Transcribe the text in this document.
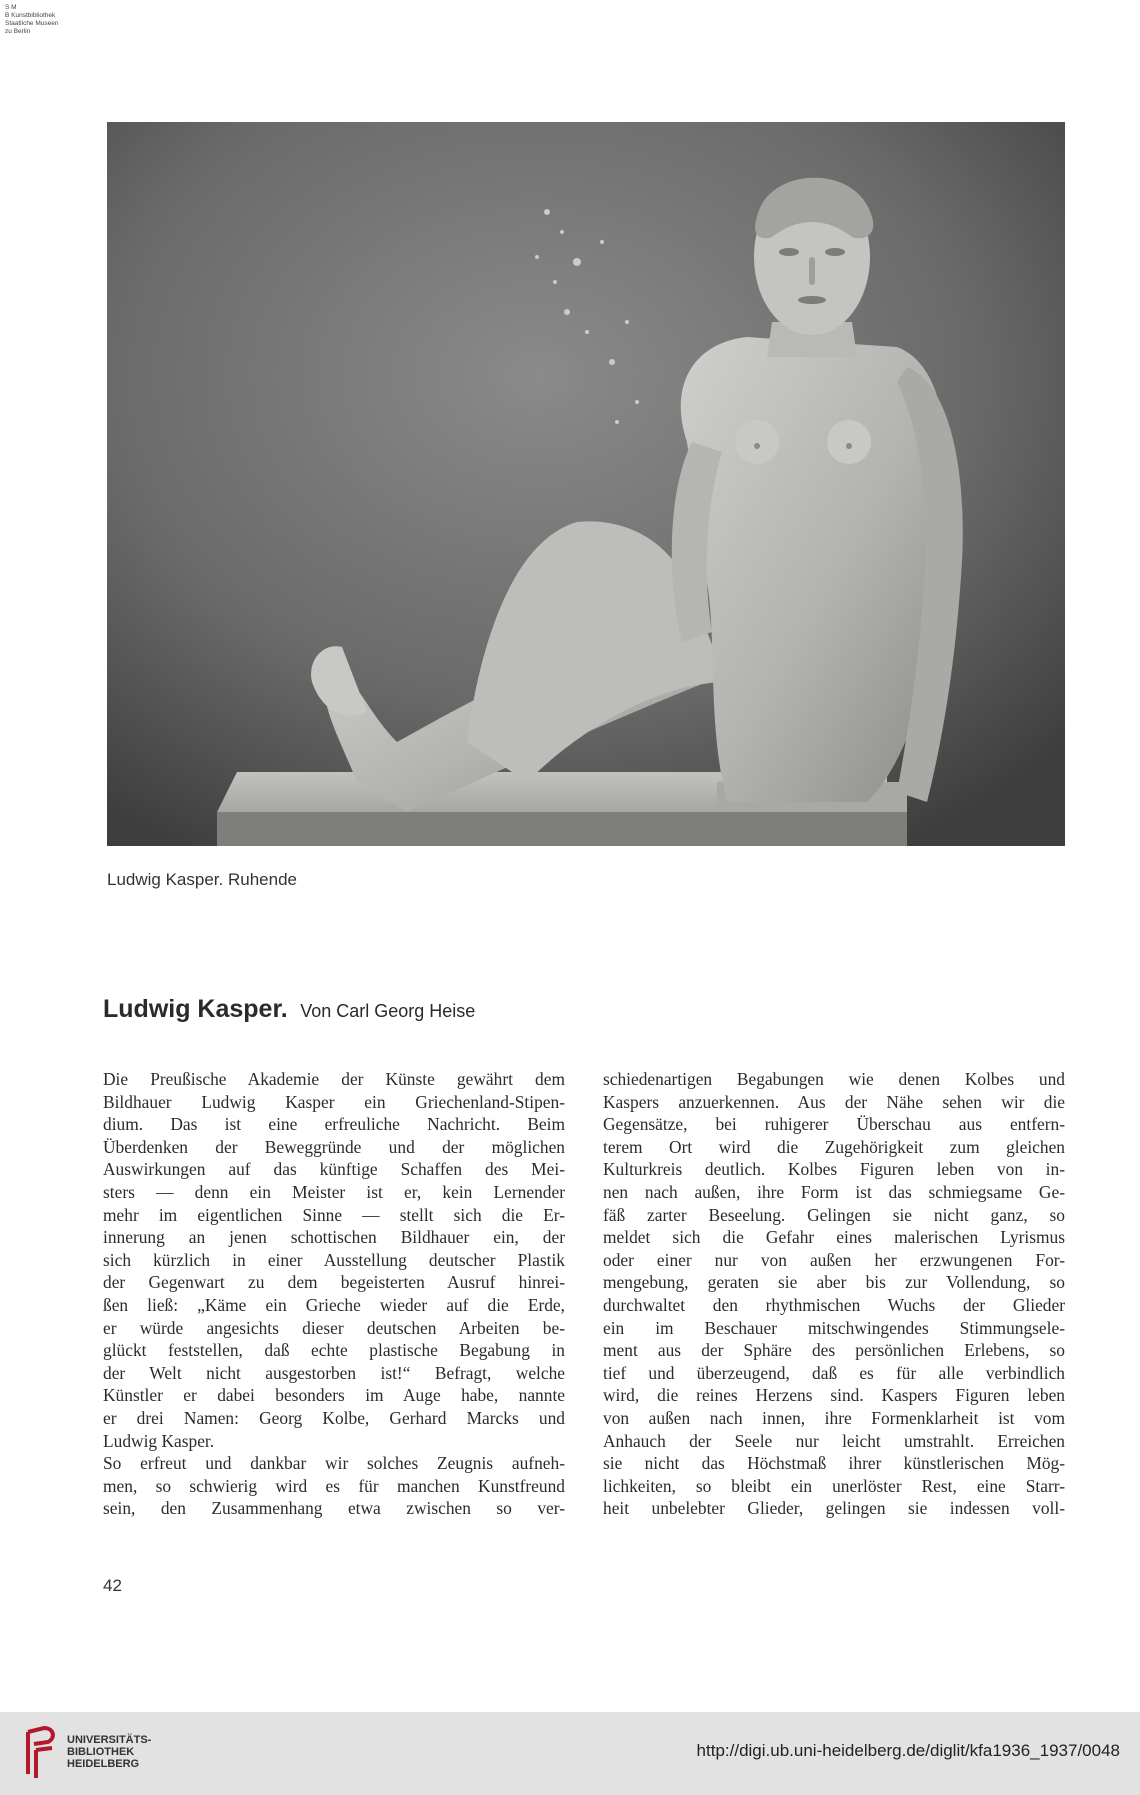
S M
B Kunstbibliothek
Staatliche Museen
zu Berlin
Ludwig Kasper. Ruhende
Ludwig Kasper. Von Carl Georg Heise
Die Preußische Akademie der Künste gewährt dem
Bildhauer Ludwig Kasper ein Griechenland-Stipen-
dium. Das ist eine erfreuliche Nachricht. Beim
Überdenken der Beweggründe und der möglichen
Auswirkungen auf das künftige Schaffen des Mei-
sters — denn ein Meister ist er, kein Lernender
mehr im eigentlichen Sinne — stellt sich die Er-
innerung an jenen schottischen Bildhauer ein, der
sich kürzlich in einer Ausstellung deutscher Plastik
der Gegenwart zu dem begeisterten Ausruf hinrei-
ßen ließ: „Käme ein Grieche wieder auf die Erde,
er würde angesichts dieser deutschen Arbeiten be-
glückt feststellen, daß echte plastische Begabung in
der Welt nicht ausgestorben ist!“ Befragt, welche
Künstler er dabei besonders im Auge habe, nannte
er drei Namen: Georg Kolbe, Gerhard Marcks und
Ludwig Kasper.
So erfreut und dankbar wir solches Zeugnis aufneh-
men, so schwierig wird es für manchen Kunstfreund
sein, den Zusammenhang etwa zwischen so ver-
schiedenartigen Begabungen wie denen Kolbes und
Kaspers anzuerkennen. Aus der Nähe sehen wir die
Gegensätze, bei ruhigerer Überschau aus entfern-
terem Ort wird die Zugehörigkeit zum gleichen
Kulturkreis deutlich. Kolbes Figuren leben von in-
nen nach außen, ihre Form ist das schmiegsame Ge-
fäß zarter Beseelung. Gelingen sie nicht ganz, so
meldet sich die Gefahr eines malerischen Lyrismus
oder einer nur von außen her erzwungenen For-
mengebung, geraten sie aber bis zur Vollendung, so
durchwaltet den rhythmischen Wuchs der Glieder
ein im Beschauer mitschwingendes Stimmungsele-
ment aus der Sphäre des persönlichen Erlebens, so
tief und überzeugend, daß es für alle verbindlich
wird, die reines Herzens sind. Kaspers Figuren leben
von außen nach innen, ihre Formenklarheit ist vom
Anhauch der Seele nur leicht umstrahlt. Erreichen
sie nicht das Höchstmaß ihrer künstlerischen Mög-
lichkeiten, so bleibt ein unerlöster Rest, eine Starr-
heit unbelebter Glieder, gelingen sie indessen voll-
42
UNIVERSITÄTS-
BIBLIOTHEK
HEIDELBERG
http://digi.ub.uni-heidelberg.de/diglit/kfa1936_1937/0048
